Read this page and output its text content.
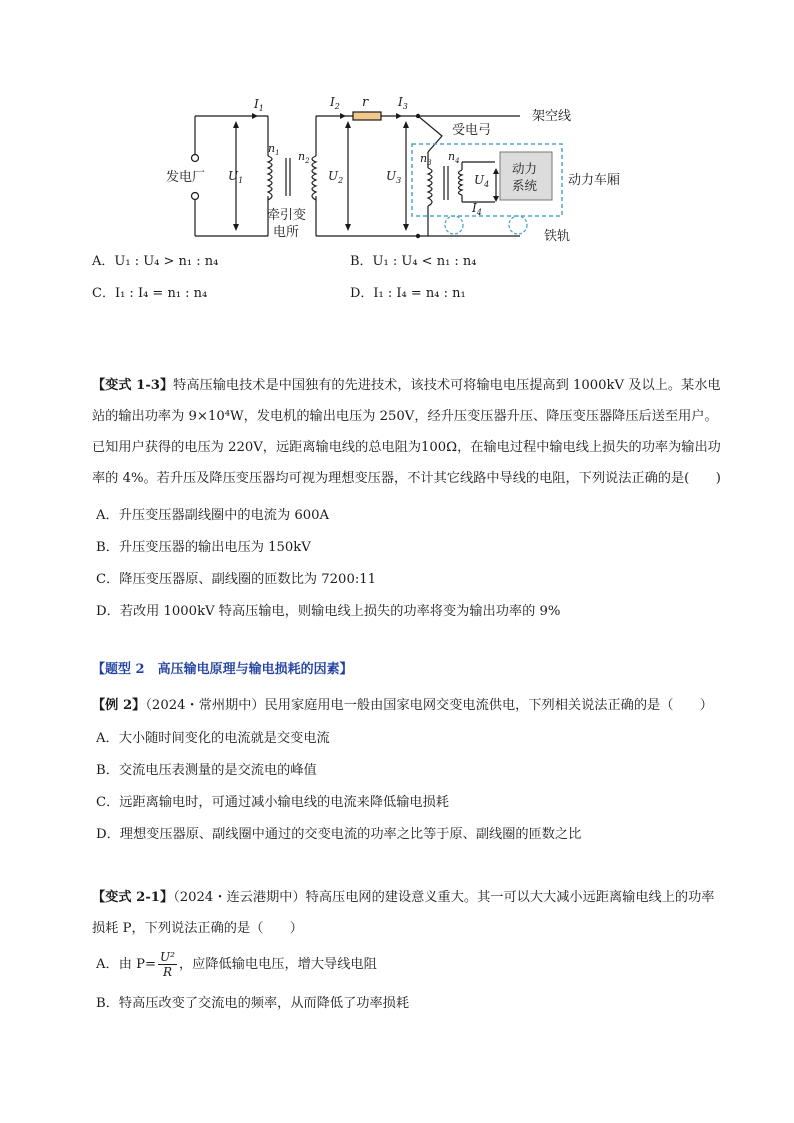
发电厂
牵引变
电所
架空线
受电弓
动力
系统 动力车厢
铁轨
r
$I_1$	$I_2$	$I_3$
$I_4$
$U_1$	$U_2$	$U_3$	$U_4$
$n_1$ $n_2$	$n_3$ $n_4$
A．U₁ : U₄ > n₁ : n₄	B．U₁ : U₄ < n₁ : n₄
C．I₁ : I₄ = n₁ : n₄	D．I₁ : I₄ = n₄ : n₁
【变式 1-3】特高压输电技术是中国独有的先进技术，该技术可将输电电压提高到 1000kV 及以上。某水电
站的输出功率为 9×10⁴W，发电机的输出电压为 250V，经升压变压器升压、降压变压器降压后送至用户。
已知用户获得的电压为 220V，远距离输电线的总电阻为100Ω，在输电过程中输电线上损失的功率为输出功
率的 4%。若升压及降压变压器均可视为理想变压器，不计其它线路中导线的电阻，下列说法正确的是(　　)
A．升压变压器副线圈中的电流为 600A
B．升压变压器的输出电压为 150kV
C．降压变压器原、副线圈的匝数比为 7200:11
D．若改用 1000kV 特高压输电，则输电线上损失的功率将变为输出功率的 9%
【题型 2　高压输电原理与输电损耗的因素】
【例 2】（2024・常州期中）民用家庭用电一般由国家电网交变电流供电，下列相关说法正确的是（　　）
A．大小随时间变化的电流就是交变电流
B．交流电压表测量的是交流电的峰值
C．远距离输电时，可通过减小输电线的电流来降低输电损耗
D．理想变压器原、副线圈中通过的交变电流的功率之比等于原、副线圈的匝数之比
【变式 2-1】（2024・连云港期中）特高压电网的建设意义重大。其一可以大大减小远距离输电线上的功率
损耗 P，下列说法正确的是（　　）
A．由 $P= \frac{\text{U²}}{R}$ ，应降低输电电压，增大导线电阻
B．特高压改变了交流电的频率，从而降低了功率损耗
